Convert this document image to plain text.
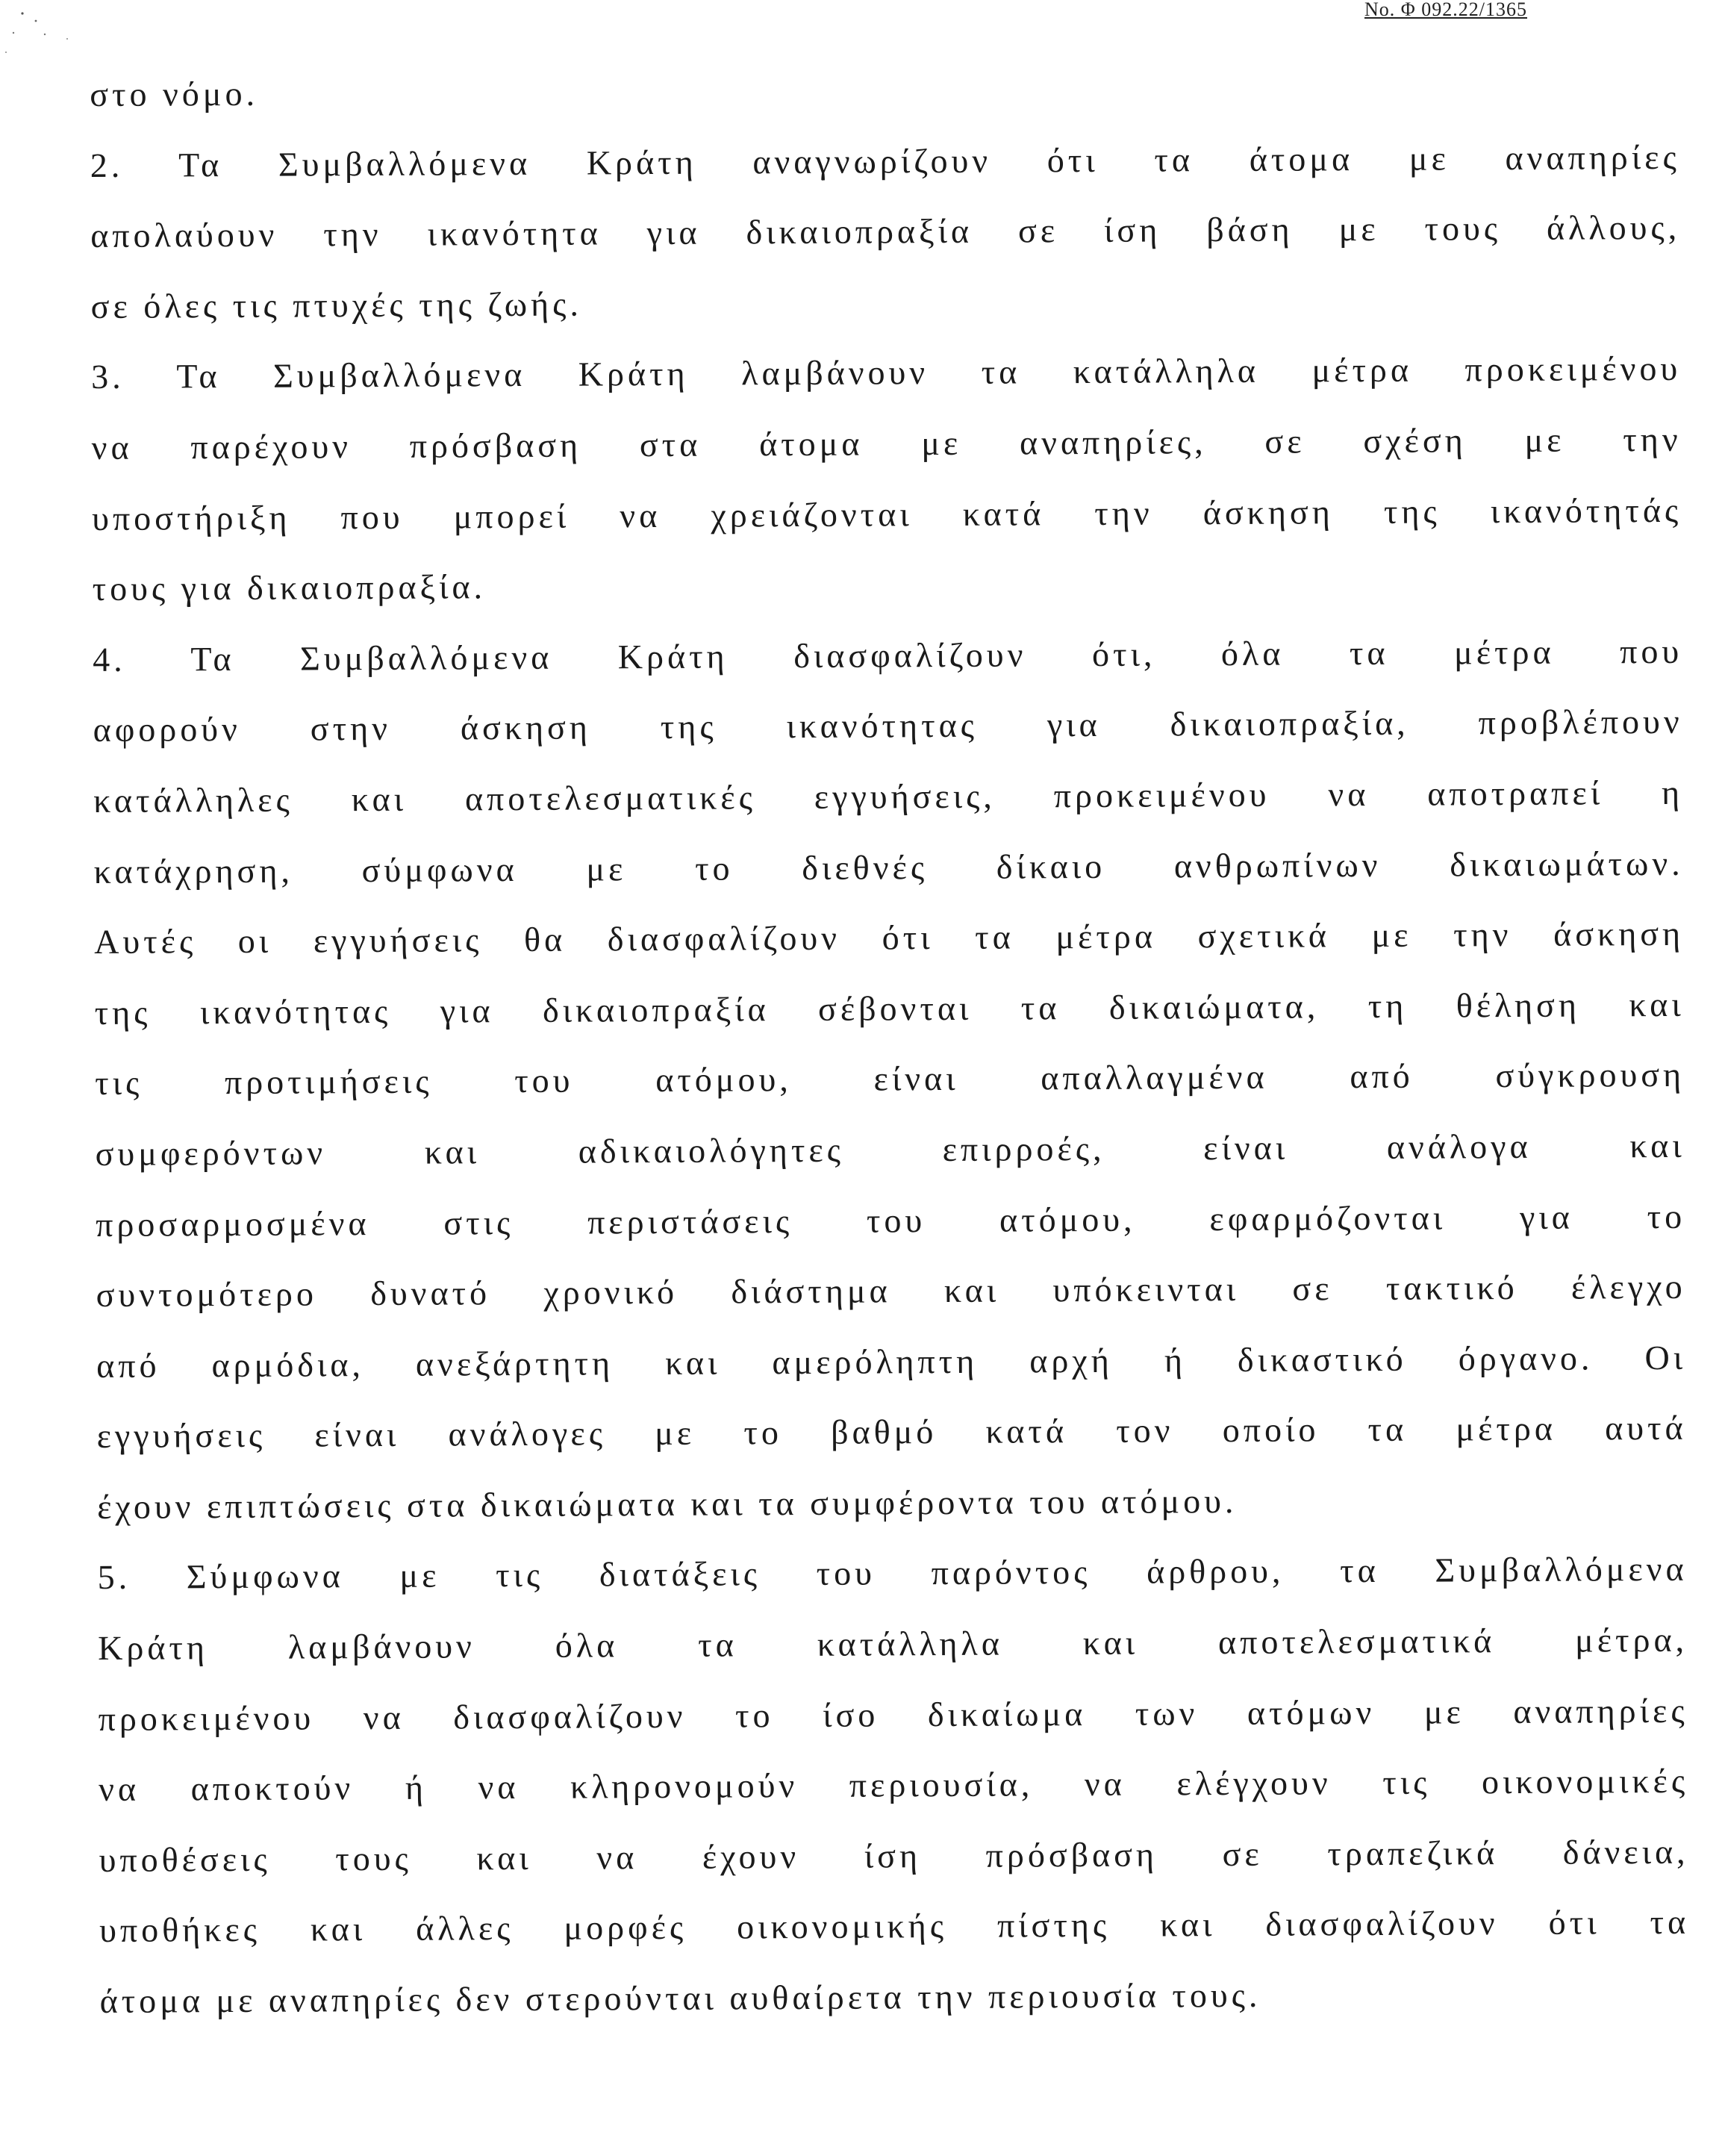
No. Φ 092.22/1365
στο νόμο.
2. Τα Συμβαλλόμενα Κράτη αναγνωρίζουν ότι τα άτομα με αναπηρίες
απολαύουν την ικανότητα για δικαιοπραξία σε ίση βάση με τους άλλους,
σε όλες τις πτυχές της ζωής.
3. Τα Συμβαλλόμενα Κράτη λαμβάνουν τα κατάλληλα μέτρα προκειμένου
να παρέχουν πρόσβαση στα άτομα με αναπηρίες, σε σχέση με την
υποστήριξη που μπορεί να χρειάζονται κατά την άσκηση της ικανότητάς
τους για δικαιοπραξία.
4. Τα Συμβαλλόμενα Κράτη διασφαλίζουν ότι, όλα τα μέτρα που
αφορούν στην άσκηση της ικανότητας για δικαιοπραξία, προβλέπουν
κατάλληλες και αποτελεσματικές εγγυήσεις, προκειμένου να αποτραπεί η
κατάχρηση, σύμφωνα με το διεθνές δίκαιο ανθρωπίνων δικαιωμάτων.
Αυτές οι εγγυήσεις θα διασφαλίζουν ότι τα μέτρα σχετικά με την άσκηση
της ικανότητας για δικαιοπραξία σέβονται τα δικαιώματα, τη θέληση και
τις προτιμήσεις του ατόμου, είναι απαλλαγμένα από σύγκρουση
συμφερόντων και αδικαιολόγητες επιρροές, είναι ανάλογα και
προσαρμοσμένα στις περιστάσεις του ατόμου, εφαρμόζονται για το
συντομότερο δυνατό χρονικό διάστημα και υπόκεινται σε τακτικό έλεγχο
από αρμόδια, ανεξάρτητη και αμερόληπτη αρχή ή δικαστικό όργανο. Οι
εγγυήσεις είναι ανάλογες με το βαθμό κατά τον οποίο τα μέτρα αυτά
έχουν επιπτώσεις στα δικαιώματα και τα συμφέροντα του ατόμου.
5. Σύμφωνα με τις διατάξεις του παρόντος άρθρου, τα Συμβαλλόμενα
Κράτη λαμβάνουν όλα τα κατάλληλα και αποτελεσματικά μέτρα,
προκειμένου να διασφαλίζουν το ίσο δικαίωμα των ατόμων με αναπηρίες
να αποκτούν ή να κληρονομούν περιουσία, να ελέγχουν τις οικονομικές
υποθέσεις τους και να έχουν ίση πρόσβαση σε τραπεζικά δάνεια,
υποθήκες και άλλες μορφές οικονομικής πίστης και διασφαλίζουν ότι τα
άτομα με αναπηρίες δεν στερούνται αυθαίρετα την περιουσία τους.
